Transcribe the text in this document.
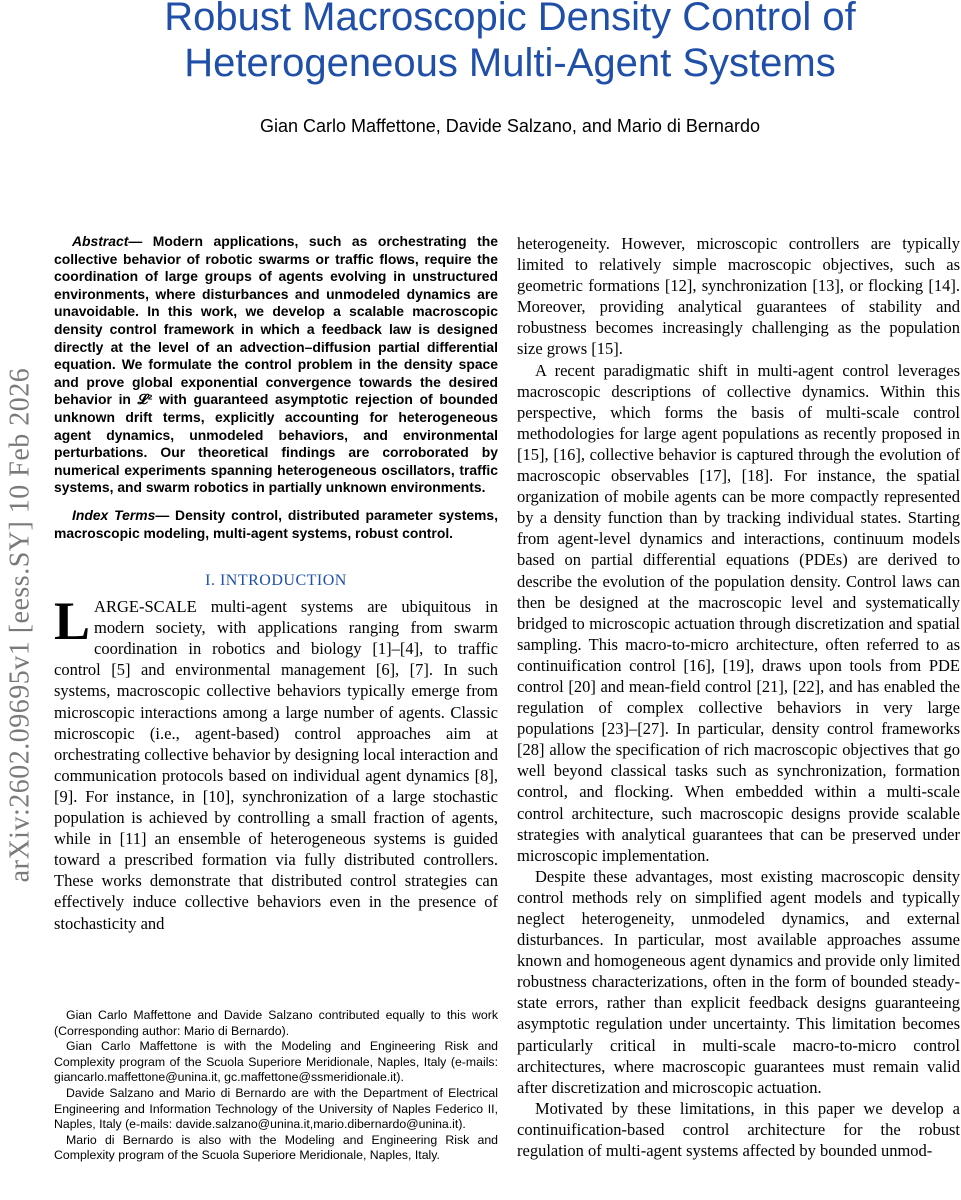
arXiv:2602.09695v1 [eess.SY] 10 Feb 2026
Robust Macroscopic Density Control of Heterogeneous Multi-Agent Systems
Gian Carlo Maffettone, Davide Salzano, and Mario di Bernardo

Abstract— Modern applications, such as orchestrating the collective behavior of robotic swarms or traffic flows, require the coordination of large groups of agents evolving in unstructured environments, where disturbances and unmodeled dynamics are unavoidable. In this work, we develop a scalable macroscopic density control framework in which a feedback law is designed directly at the level of an advection–diffusion partial differential equation. We formulate the control problem in the density space and prove global exponential convergence towards the desired behavior in 𝓛² with guaranteed asymptotic rejection of bounded unknown drift terms, explicitly accounting for heterogeneous agent dynamics, unmodeled behaviors, and environmental perturbations. Our theoretical findings are corroborated by numerical experiments spanning heterogeneous oscillators, traffic systems, and swarm robotics in partially unknown environments.

Index Terms— Density control, distributed parameter systems, macroscopic modeling, multi-agent systems, robust control.

I. INTRODUCTION

LARGE-SCALE multi-agent systems are ubiquitous in modern society, with applications ranging from swarm coordination in robotics and biology [1]–[4], to traffic control [5] and environmental management [6], [7]. In such systems, macroscopic collective behaviors typically emerge from microscopic interactions among a large number of agents. Classic microscopic (i.e., agent-based) control approaches aim at orchestrating collective behavior by designing local interaction and communication protocols based on individual agent dynamics [8], [9]. For instance, in [10], synchronization of a large stochastic population is achieved by controlling a small fraction of agents, while in [11] an ensemble of heterogeneous systems is guided toward a prescribed formation via fully distributed controllers. These works demonstrate that distributed control strategies can effectively induce collective behaviors even in the presence of stochasticity and

Gian Carlo Maffettone and Davide Salzano contributed equally to this work (Corresponding author: Mario di Bernardo).

Gian Carlo Maffettone is with the Modeling and Engineering Risk and Complexity program of the Scuola Superiore Meridionale, Naples, Italy (e-mails: giancarlo.maffettone@unina.it, gc.maffettone@ssmeridionale.it).

Davide Salzano and Mario di Bernardo are with the Department of Electrical Engineering and Information Technology of the University of Naples Federico II, Naples, Italy (e-mails: davide.salzano@unina.it,mario.dibernardo@unina.it).

Mario di Bernardo is also with the Modeling and Engineering Risk and Complexity program of the Scuola Superiore Meridionale, Naples, Italy.

heterogeneity. However, microscopic controllers are typically limited to relatively simple macroscopic objectives, such as geometric formations [12], synchronization [13], or flocking [14]. Moreover, providing analytical guarantees of stability and robustness becomes increasingly challenging as the population size grows [15].

A recent paradigmatic shift in multi-agent control leverages macroscopic descriptions of collective dynamics. Within this perspective, which forms the basis of multi-scale control methodologies for large agent populations as recently proposed in [15], [16], collective behavior is captured through the evolution of macroscopic observables [17], [18]. For instance, the spatial organization of mobile agents can be more compactly represented by a density function than by tracking individual states. Starting from agent-level dynamics and interactions, continuum models based on partial differential equations (PDEs) are derived to describe the evolution of the population density. Control laws can then be designed at the macroscopic level and systematically bridged to microscopic actuation through discretization and spatial sampling. This macro-to-micro architecture, often referred to as continuification control [16], [19], draws upon tools from PDE control [20] and mean-field control [21], [22], and has enabled the regulation of complex collective behaviors in very large populations [23]–[27]. In particular, density control frameworks [28] allow the specification of rich macroscopic objectives that go well beyond classical tasks such as synchronization, formation control, and flocking. When embedded within a multi-scale control architecture, such macroscopic designs provide scalable strategies with analytical guarantees that can be preserved under microscopic implementation.

Despite these advantages, most existing macroscopic density control methods rely on simplified agent models and typically neglect heterogeneity, unmodeled dynamics, and external disturbances. In particular, most available approaches assume known and homogeneous agent dynamics and provide only limited robustness characterizations, often in the form of bounded steady-state errors, rather than explicit feedback designs guaranteeing asymptotic regulation under uncertainty. This limitation becomes particularly critical in multi-scale macro-to-micro control architectures, where macroscopic guarantees must remain valid after discretization and microscopic actuation.

Motivated by these limitations, in this paper we develop a continuification-based control architecture for the robust regulation of multi-agent systems affected by bounded unmod-
